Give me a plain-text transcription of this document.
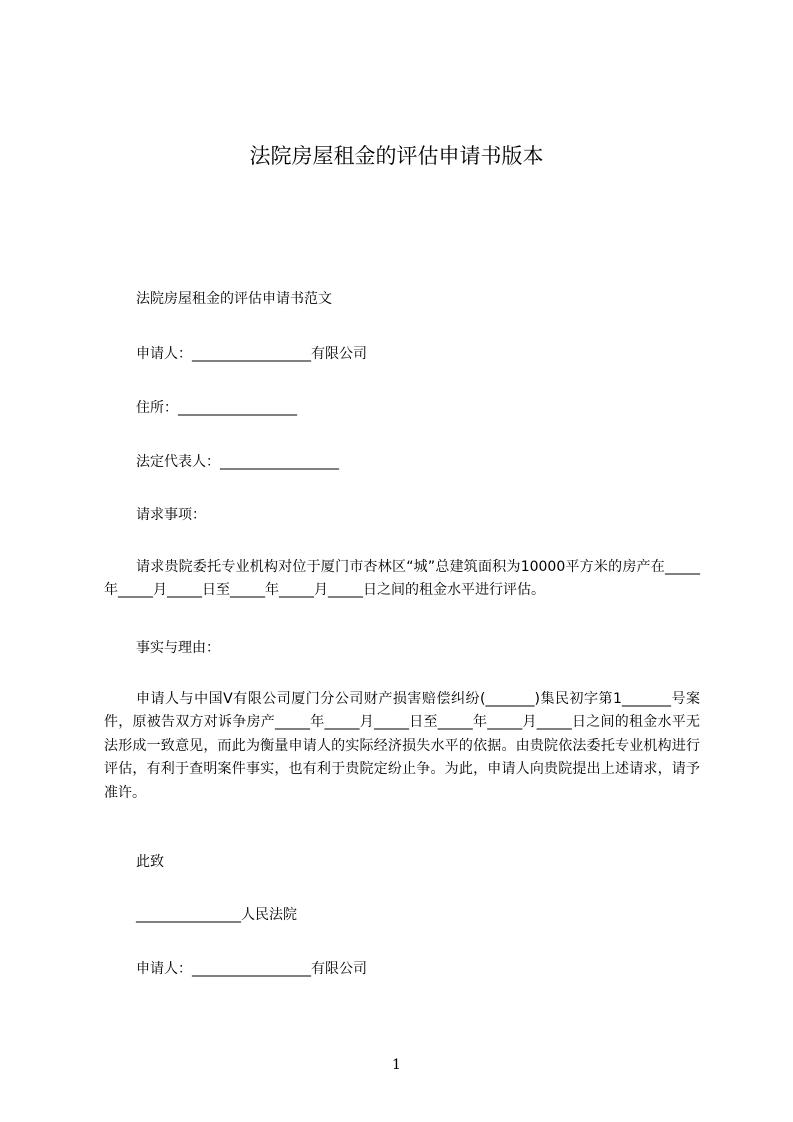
法院房屋租金的评估申请书版本
法院房屋租金的评估申请书范文
申请人：_________________有限公司
住所：_________________
法定代表人：_________________
请求事项：

请求贵院委托专业机构对位于厦门市杏林区“城”总建筑面积为10000平方米的房产在_____年_____月_____日至_____年_____月_____日之间的租金水平进行评估。

事实与理由：

申请人与中国V有限公司厦门分公司财产损害赔偿纠纷(_______)集民初字第1_______号案件，原被告双方对诉争房产_____年_____月_____日至_____年_____月_____日之间的租金水平无法形成一致意见，而此为衡量申请人的实际经济损失水平的依据。由贵院依法委托专业机构进行评估，有利于查明案件事实，也有利于贵院定纷止争。为此，申请人向贵院提出上述请求，请予准许。

此致
_______________人民法院
申请人：_________________有限公司
1
